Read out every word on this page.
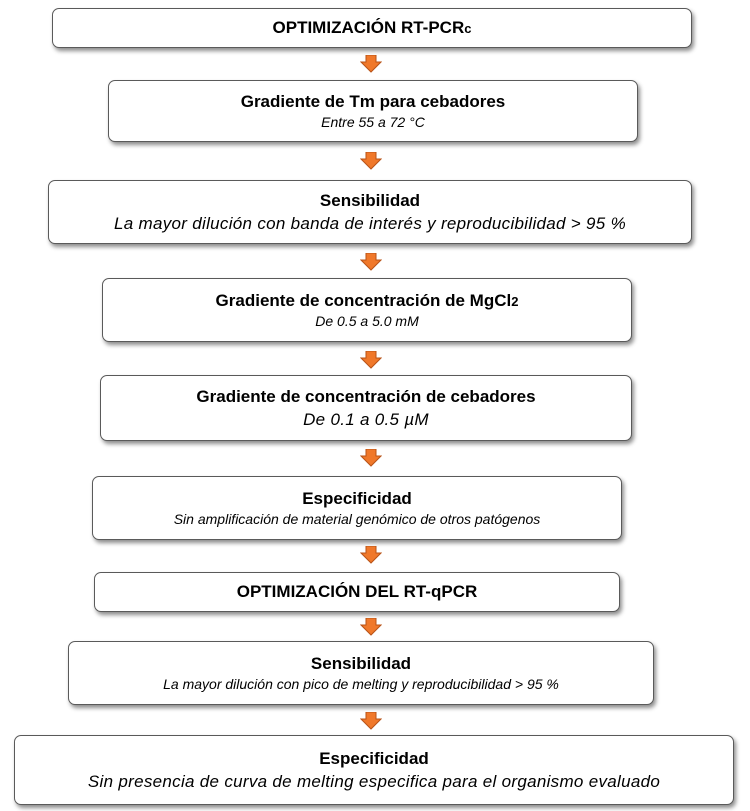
OPTIMIZACIÓN RT-PCRc
Gradiente de Tm para cebadores
Entre 55 a 72 °C
Sensibilidad
La mayor dilución con banda de interés y reproducibilidad > 95 %
Gradiente de concentración de MgCl2
De 0.5 a 5.0 mM
Gradiente de concentración de cebadores
De 0.1 a 0.5 µM
Especificidad
Sin amplificación de material genómico de otros patógenos
OPTIMIZACIÓN DEL RT-qPCR
Sensibilidad
La mayor dilución con pico de melting y reproducibilidad > 95 %
Especificidad
Sin presencia de curva de melting especifica para el organismo evaluado
